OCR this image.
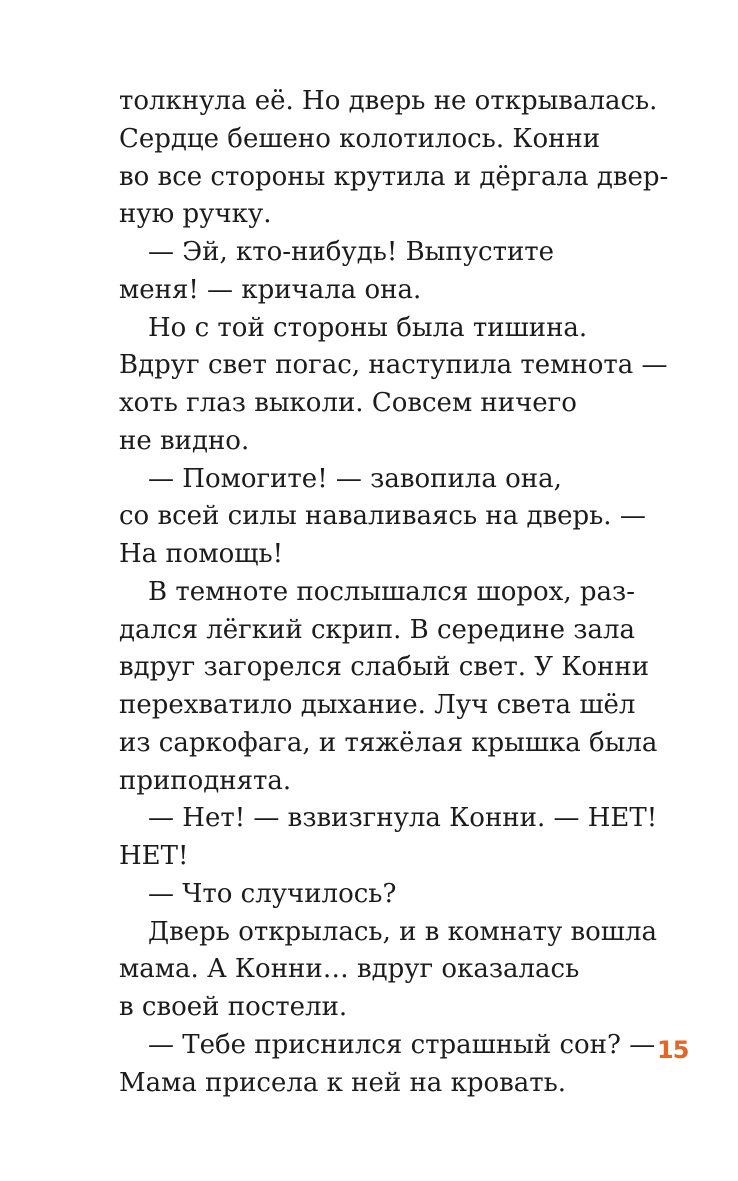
толкнула её. Но дверь не открывалась.
Сердце бешено колотилось. Конни
во все стороны крутила и дёргала двер-
ную ручку.
— Эй, кто-нибудь! Выпустите
меня! — кричала она.
Но с той стороны была тишина.
Вдруг свет погас, наступила темнота —
хоть глаз выколи. Совсем ничего
не видно.
— Помогите! — завопила она,
со всей силы наваливаясь на дверь. —
На помощь!
В темноте послышался шорох, раз-
дался лёгкий скрип. В середине зала
вдруг загорелся слабый свет. У Конни
перехватило дыхание. Луч света шёл
из саркофага, и тяжёлая крышка была
приподнята.
— Нет! — взвизгнула Конни. — НЕТ!
НЕТ!
— Что случилось?
Дверь открылась, и в комнату вошла
мама. А Конни… вдруг оказалась
в своей постели.
— Тебе приснился страшный сон? —
Мама присела к ней на кровать.
15
